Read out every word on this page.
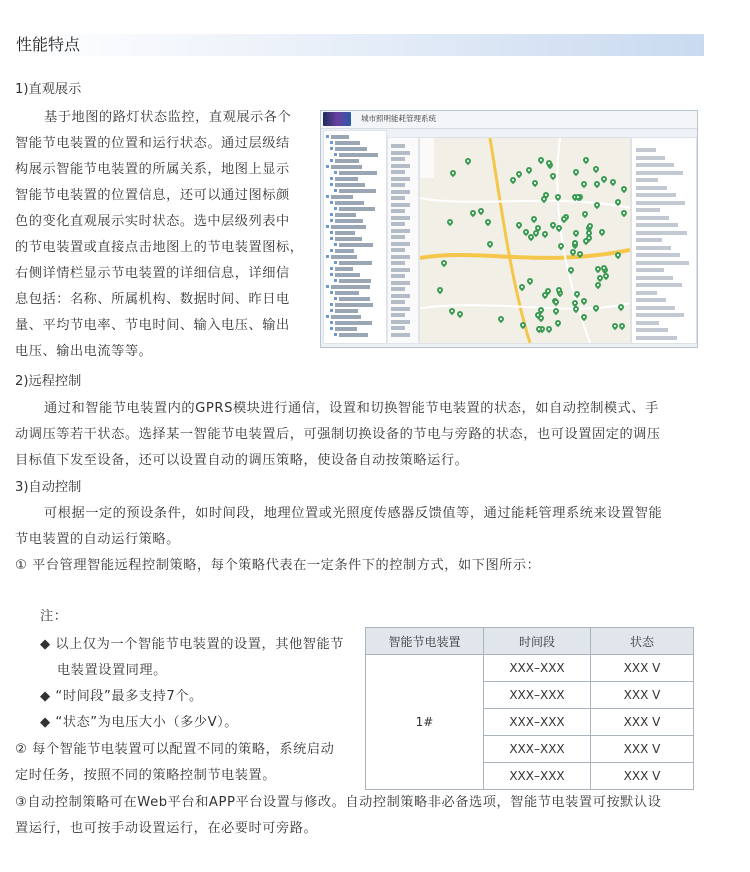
性能特点
1)直观展示
基于地图的路灯状态监控，直观展示各个
智能节电装置的位置和运行状态。通过层级结
构展示智能节电装置的所属关系，地图上显示
智能节电装置的位置信息，还可以通过图标颜
色的变化直观展示实时状态。选中层级列表中
的节电装置或直接点击地图上的节电装置图标，
右侧详情栏显示节电装置的详细信息，详细信
息包括：名称、所属机构、数据时间、昨日电
量、平均节电率、节电时间、输入电压、输出
电压、输出电流等等。
城市照明能耗管理系统
2)远程控制
通过和智能节电装置内的GPRS模块进行通信，设置和切换智能节电装置的状态，如自动控制模式、手
动调压等若干状态。选择某一智能节电装置后，可强制切换设备的节电与旁路的状态，也可设置固定的调压
目标值下发至设备，还可以设置自动的调压策略，使设备自动按策略运行。
3)自动控制
可根据一定的预设条件，如时间段，地理位置或光照度传感器反馈值等，通过能耗管理系统来设置智能
节电装置的自动运行策略。
① 平台管理智能远程控制策略，每个策略代表在一定条件下的控制方式，如下图所示：
注：
◆ 以上仅为一个智能节电装置的设置，其他智能节
电装置设置同理。
◆ “时间段”最多支持7个。
◆ “状态”为电压大小（多少V）。
② 每个智能节电装置可以配置不同的策略，系统启动
定时任务，按照不同的策略控制节电装置。
③自动控制策略可在Web平台和APP平台设置与修改。自动控制策略非必备选项，智能节电装置可按默认设
置运行，也可按手动设置运行，在必要时可旁路。
智能节电装置	时间段	状态
1#	XXX–XXX	XXX V
	XXX–XXX	XXX V
	XXX–XXX	XXX V
	XXX–XXX	XXX V
	XXX–XXX	XXX V
